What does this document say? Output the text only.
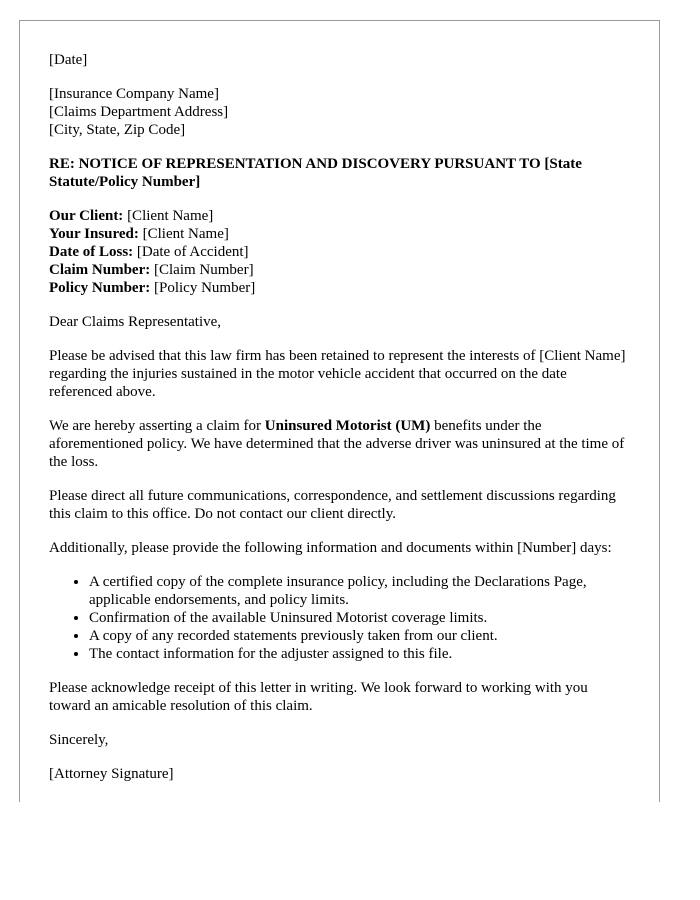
[Date]

[Insurance Company Name]
[Claims Department Address]
[City, State, Zip Code]

RE: NOTICE OF REPRESENTATION AND DISCOVERY PURSUANT TO [State Statute/Policy Number]

Our Client: [Client Name]
Your Insured: [Client Name]
Date of Loss: [Date of Accident]
Claim Number: [Claim Number]
Policy Number: [Policy Number]

Dear Claims Representative,

Please be advised that this law firm has been retained to represent the interests of [Client Name] regarding the injuries sustained in the motor vehicle accident that occurred on the date referenced above.

We are hereby asserting a claim for Uninsured Motorist (UM) benefits under the aforementioned policy. We have determined that the adverse driver was uninsured at the time of the loss.

Please direct all future communications, correspondence, and settlement discussions regarding this claim to this office. Do not contact our client directly.

Additionally, please provide the following information and documents within [Number] days:

• A certified copy of the complete insurance policy, including the Declarations Page, applicable endorsements, and policy limits.
• Confirmation of the available Uninsured Motorist coverage limits.
• A copy of any recorded statements previously taken from our client.
• The contact information for the adjuster assigned to this file.

Please acknowledge receipt of this letter in writing. We look forward to working with you toward an amicable resolution of this claim.

Sincerely,

[Attorney Signature]
